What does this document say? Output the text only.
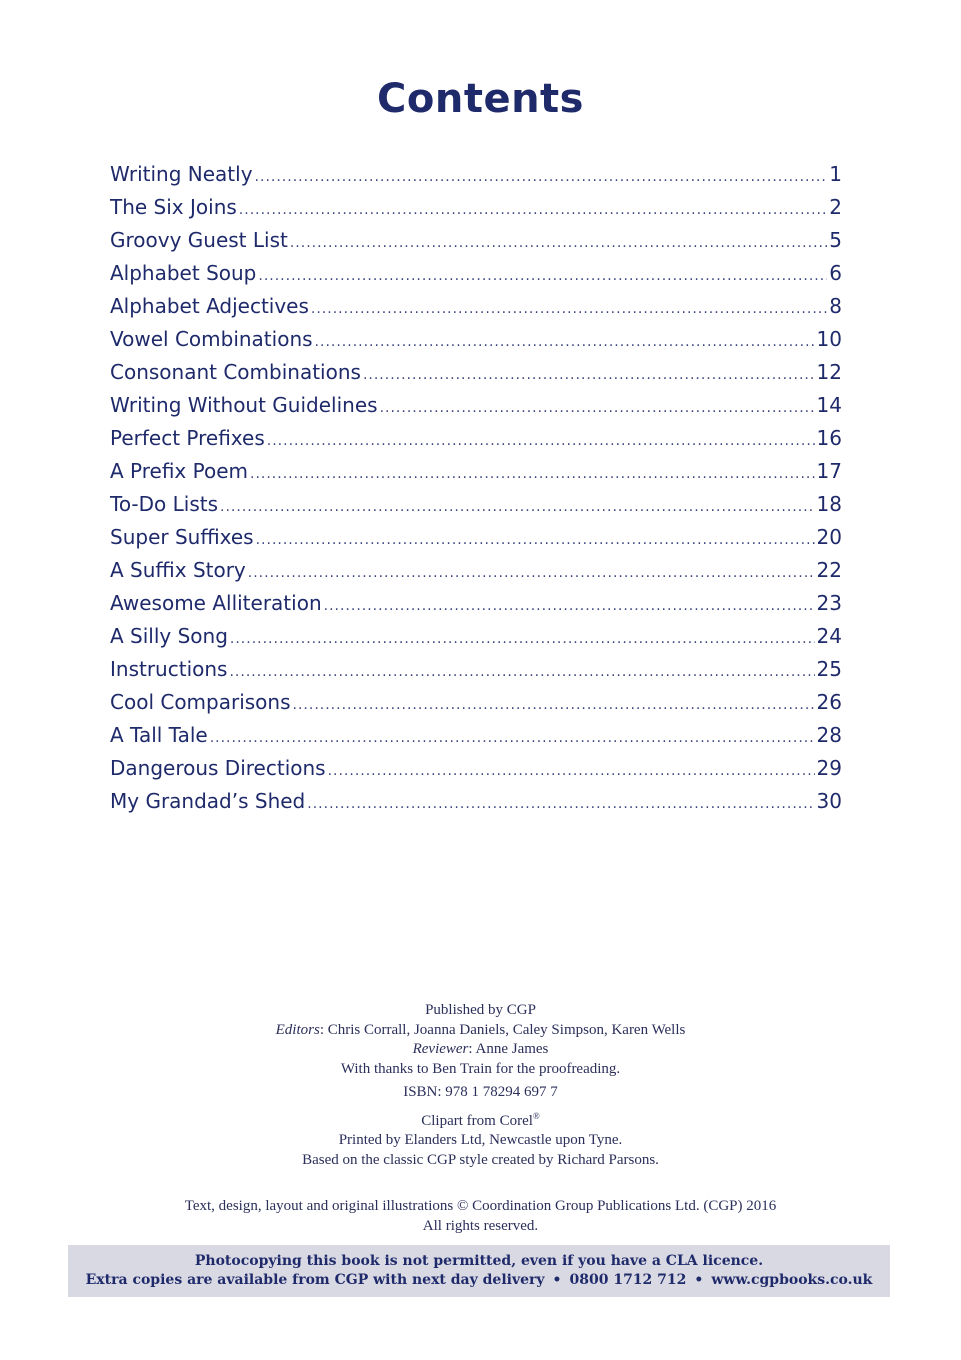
Contents
Writing Neatly .....	1
The Six Joins .....	2
Groovy Guest List .....	5
Alphabet Soup .....	6
Alphabet Adjectives .....	8
Vowel Combinations .....	10
Consonant Combinations .....	12
Writing Without Guidelines .....	14
Perfect Prefixes .....	16
A Prefix Poem .....	17
To-Do Lists .....	18
Super Suffixes .....	20
A Suffix Story .....	22
Awesome Alliteration .....	23
A Silly Song .....	24
Instructions .....	25
Cool Comparisons .....	26
A Tall Tale .....	28
Dangerous Directions .....	29
My Grandad’s Shed .....	30
Published by CGP
Editors: Chris Corrall, Joanna Daniels, Caley Simpson, Karen Wells
Reviewer: Anne James
With thanks to Ben Train for the proofreading.
ISBN: 978 1 78294 697 7
Clipart from Corel®
Printed by Elanders Ltd, Newcastle upon Tyne.
Based on the classic CGP style created by Richard Parsons.
Text, design, layout and original illustrations © Coordination Group Publications Ltd. (CGP) 2016
All rights reserved.
Photocopying this book is not permitted, even if you have a CLA licence.
Extra copies are available from CGP with next day delivery • 0800 1712 712 • www.cgpbooks.co.uk
